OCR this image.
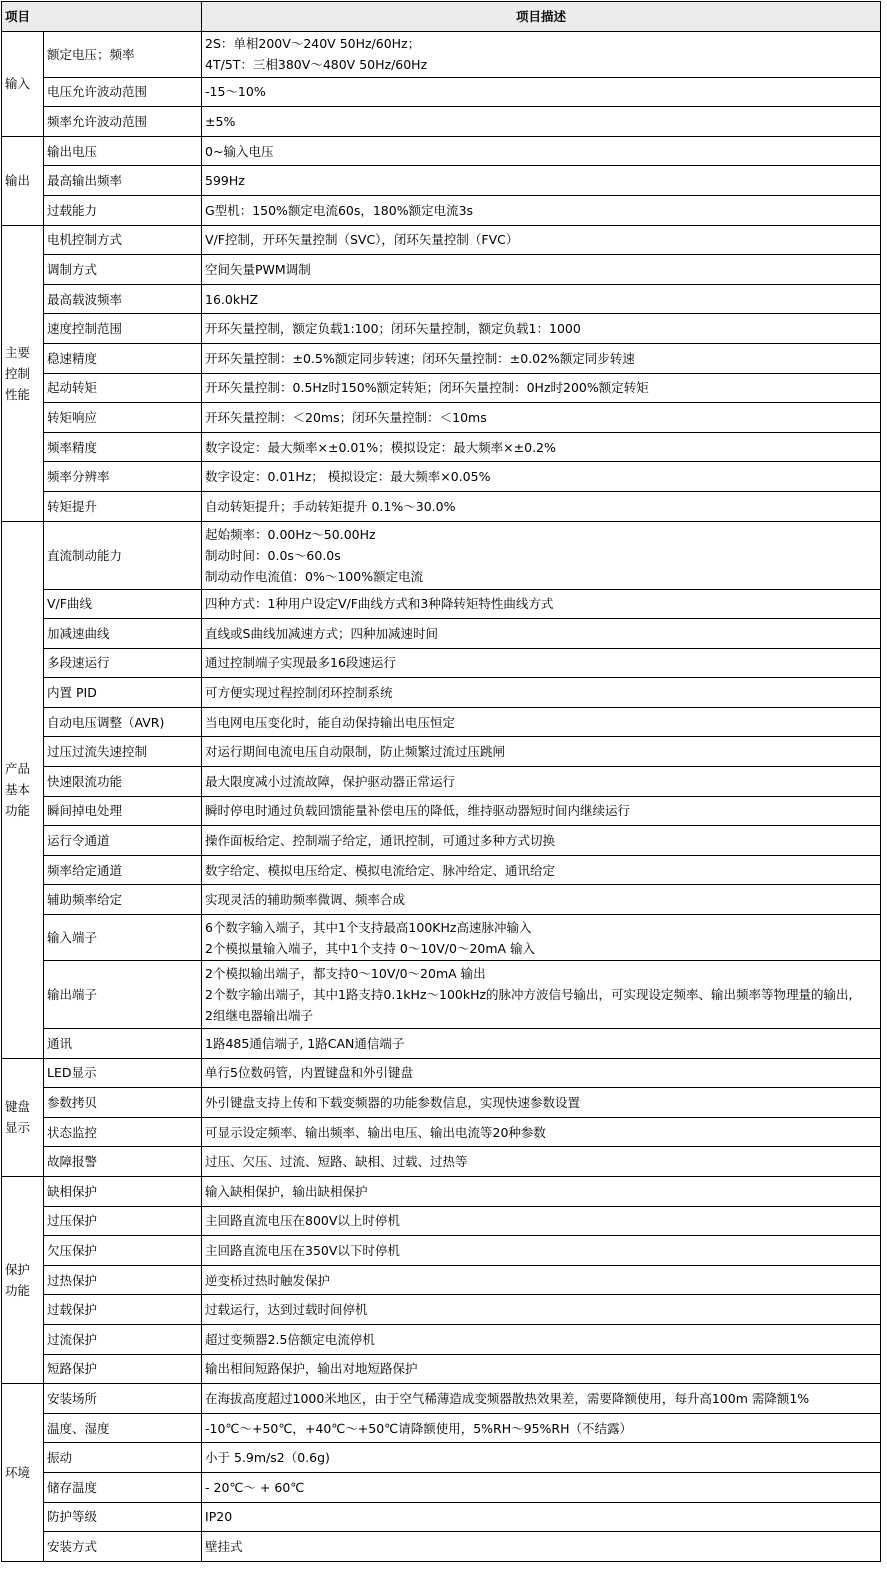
项目		项目描述
输入	额定电压；频率	2S：单相200V～240V 50Hz/60Hz；
4T/5T：三相380V～480V 50Hz/60Hz
	电压允许波动范围	-15～10%
	频率允许波动范围	±5%
输出	输出电压	0~输入电压
	最高输出频率	599Hz
	过载能力	G型机：150%额定电流60s，180%额定电流3s
主要控制性能	电机控制方式	V/F控制，开环矢量控制（SVC），闭环矢量控制（FVC）
	调制方式	空间矢量PWM调制
	最高载波频率	16.0kHZ
	速度控制范围	开环矢量控制，额定负载1:100；闭环矢量控制，额定负载1：1000
	稳速精度	开环矢量控制：±0.5%额定同步转速；闭环矢量控制：±0.02%额定同步转速
	起动转矩	开环矢量控制：0.5Hz时150%额定转矩；闭环矢量控制：0Hz时200%额定转矩
	转矩响应	开环矢量控制：＜20ms；闭环矢量控制：＜10ms
	频率精度	数字设定：最大频率×±0.01%；模拟设定：最大频率×±0.2%
	频率分辨率	数字设定：0.01Hz； 模拟设定：最大频率×0.05%
	转矩提升	自动转矩提升；手动转矩提升 0.1%～30.0%
产品基本功能	直流制动能力	起始频率：0.00Hz～50.00Hz
制动时间：0.0s～60.0s
制动动作电流值：0%～100%额定电流
	V/F曲线	四种方式：1种用户设定V/F曲线方式和3种降转矩特性曲线方式
	加减速曲线	直线或S曲线加减速方式；四种加减速时间
	多段速运行	通过控制端子实现最多16段速运行
	内置 PID	可方便实现过程控制闭环控制系统
	自动电压调整（AVR)	当电网电压变化时，能自动保持输出电压恒定
	过压过流失速控制	对运行期间电流电压自动限制，防止频繁过流过压跳闸
	快速限流功能	最大限度减小过流故障，保护驱动器正常运行
	瞬间掉电处理	瞬时停电时通过负载回馈能量补偿电压的降低，维持驱动器短时间内继续运行
	运行令通道	操作面板给定、控制端子给定，通讯控制，可通过多种方式切换
	频率给定通道	数字给定、模拟电压给定、模拟电流给定、脉冲给定、通讯给定
	辅助频率给定	实现灵活的辅助频率微调、频率合成
	输入端子	6个数字输入端子，其中1个支持最高100KHz高速脉冲输入
2个模拟量输入端子，其中1个支持 0～10V/0～20mA 输入
	输出端子	2个模拟输出端子，都支持0～10V/0～20mA 输出
2个数字输出端子，其中1路支持0.1kHz～100kHz的脉冲方波信号输出，可实现设定频率、输出频率等物理量的输出,
2组继电器输出端子
	通讯	1路485通信端子, 1路CAN通信端子
键盘显示	LED显示	单行5位数码管，内置键盘和外引键盘
	参数拷贝	外引键盘支持上传和下载变频器的功能参数信息，实现快速参数设置
	状态监控	可显示设定频率、输出频率、输出电压、输出电流等20种参数
	故障报警	过压、欠压、过流、短路、缺相、过载、过热等
保护功能	缺相保护	输入缺相保护，输出缺相保护
	过压保护	主回路直流电压在800V以上时停机
	欠压保护	主回路直流电压在350V以下时停机
	过热保护	逆变桥过热时触发保护
	过载保护	过载运行，达到过载时间停机
	过流保护	超过变频器2.5倍额定电流停机
	短路保护	输出相间短路保护，输出对地短路保护
环境	安装场所	在海拔高度超过1000米地区，由于空气稀薄造成变频器散热效果差，需要降额使用，每升高100m 需降额1%
	温度、湿度	-10℃～+50℃，+40℃～+50℃请降额使用，5%RH～95%RH（不结露）
	振动	小于 5.9m/s2（0.6g)
	储存温度	- 20℃～ + 60℃
	防护等级	IP20
	安装方式	壁挂式
